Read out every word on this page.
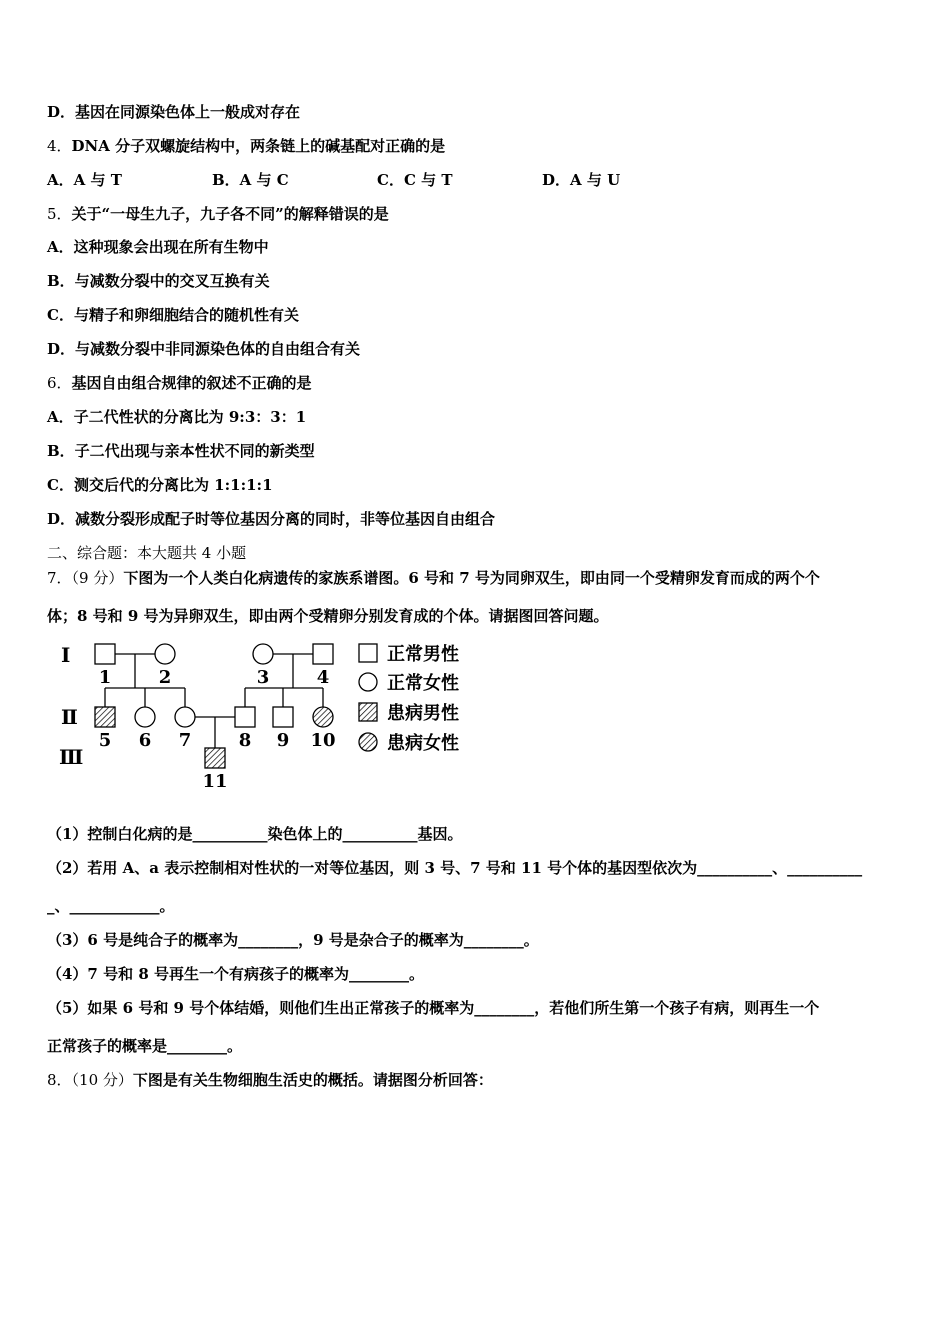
D．基因在同源染色体上一般成对存在
4．DNA 分子双螺旋结构中，两条链上的碱基配对正确的是
A．A 与 T	B．A 与 C	C．C 与 T	D．A 与 U
5．关于“一母生九子，九子各不同”的解释错误的是
A．这种现象会出现在所有生物中
B．与减数分裂中的交叉互换有关
C．与精子和卵细胞结合的随机性有关
D．与减数分裂中非同源染色体的自由组合有关
6．基因自由组合规律的叙述不正确的是
A．子二代性状的分离比为 9:3：3：1
B．子二代出现与亲本性状不同的新类型
C．测交后代的分离比为 1:1:1:1
D．减数分裂形成配子时等位基因分离的同时，非等位基因自由组合
二、综合题：本大题共 4 小题
7．（9 分）下图为一个人类白化病遗传的家族系谱图。6 号和 7 号为同卵双生，即由同一个受精卵发育而成的两个个
体；8 号和 9 号为异卵双生，即由两个受精卵分别发育成的个体。请据图回答问题。
Ⅰ
Ⅱ
Ⅲ
1	2	3	4
5 6 7	8 9 10
11
正常男性
正常女性
患病男性
患病女性
（1）控制白化病的是__________染色体上的__________基因。
（2）若用 A、a 表示控制相对性状的一对等位基因，则 3 号、7 号和 11 号个体的基因型依次为__________、__________
_、____________。
（3）6 号是纯合子的概率为________，9 号是杂合子的概率为________。
（4）7 号和 8 号再生一个有病孩子的概率为________。
（5）如果 6 号和 9 号个体结婚，则他们生出正常孩子的概率为________，若他们所生第一个孩子有病，则再生一个
正常孩子的概率是________。
8．（10 分）下图是有关生物细胞生活史的概括。请据图分析回答：
